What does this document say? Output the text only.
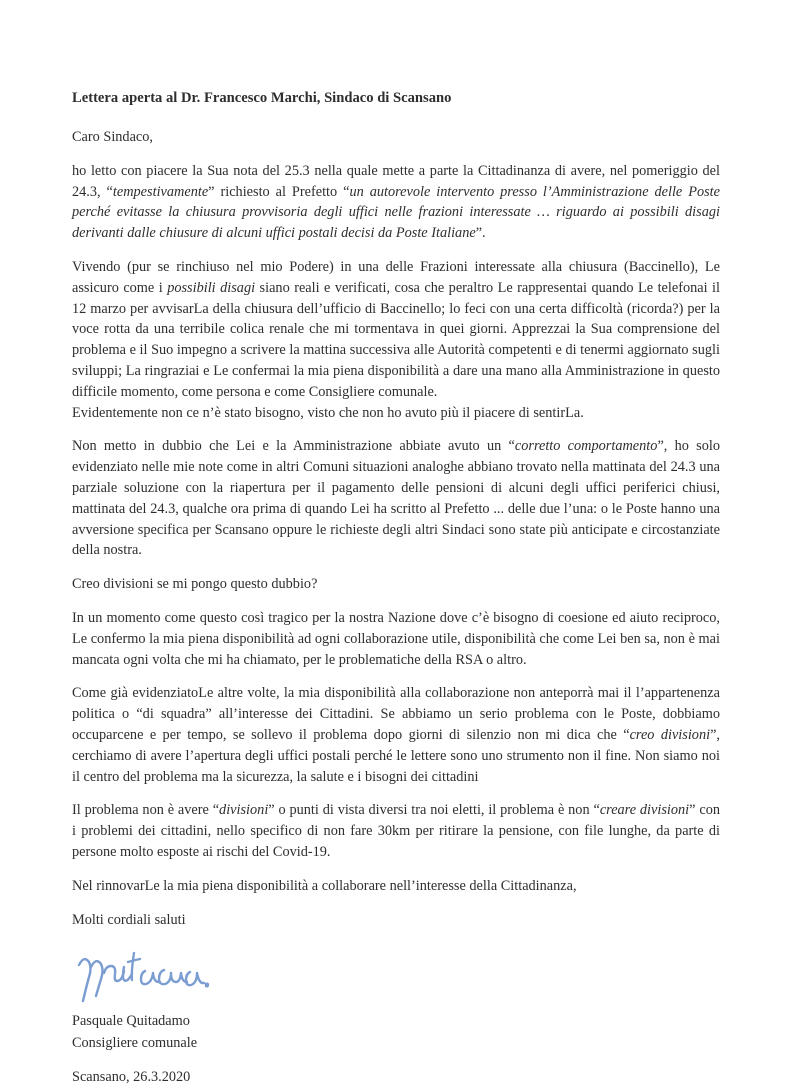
Lettera aperta al Dr. Francesco Marchi, Sindaco di Scansano

Caro Sindaco,

ho letto con piacere la Sua nota del 25.3 nella quale mette a parte la Cittadinanza di avere, nel pomeriggio del 24.3, “tempestivamente” richiesto al Prefetto “un autorevole intervento presso l’Amministrazione delle Poste perché evitasse la chiusura provvisoria degli uffici nelle frazioni interessate … riguardo ai possibili disagi derivanti dalle chiusure di alcuni uffici postali decisi da Poste Italiane”.

Vivendo (pur se rinchiuso nel mio Podere) in una delle Frazioni interessate alla chiusura (Baccinello), Le assicuro come i possibili disagi siano reali e verificati, cosa che peraltro Le rappresentai quando Le telefonai il 12 marzo per avvisarLa della chiusura dell’ufficio di Baccinello; lo feci con una certa difficoltà (ricorda?) per la voce rotta da una terribile colica renale che mi tormentava in quei giorni. Apprezzai la Sua comprensione del problema e il Suo impegno a scrivere la mattina successiva alle Autorità competenti e di tenermi aggiornato sugli sviluppi; La ringraziai e Le confermai la mia piena disponibilità a dare una mano alla Amministrazione in questo difficile momento, come persona e come Consigliere comunale.
Evidentemente non ce n’è stato bisogno, visto che non ho avuto più il piacere di sentirLa.

Non metto in dubbio che Lei e la Amministrazione abbiate avuto un “corretto comportamento”, ho solo evidenziato nelle mie note come in altri Comuni situazioni analoghe abbiano trovato nella mattinata del 24.3 una parziale soluzione con la riapertura per il pagamento delle pensioni di alcuni degli uffici periferici chiusi, mattinata del 24.3, qualche ora prima di quando Lei ha scritto al Prefetto ... delle due l’una: o le Poste hanno una avversione specifica per Scansano oppure le richieste degli altri Sindaci sono state più anticipate e circostanziate della nostra.

Creo divisioni se mi pongo questo dubbio?

In un momento come questo così tragico per la nostra Nazione dove c’è bisogno di coesione ed aiuto reciproco, Le confermo la mia piena disponibilità ad ogni collaborazione utile, disponibilità che come Lei ben sa, non è mai mancata ogni volta che mi ha chiamato, per le problematiche della RSA o altro.

Come già evidenziatoLe altre volte, la mia disponibilità alla collaborazione non anteporrà mai il l’appartenenza politica o “di squadra” all’interesse dei Cittadini. Se abbiamo un serio problema con le Poste, dobbiamo occuparcene e per tempo, se sollevo il problema dopo giorni di silenzio non mi dica che “creo divisioni”, cerchiamo di avere l’apertura degli uffici postali perché le lettere sono uno strumento non il fine. Non siamo noi il centro del problema ma la sicurezza, la salute e i bisogni dei cittadini

Il problema non è avere “divisioni” o punti di vista diversi tra noi eletti, il problema è non “creare divisioni” con i problemi dei cittadini, nello specifico di non fare 30km per ritirare la pensione, con file lunghe, da parte di persone molto esposte ai rischi del Covid-19.

Nel rinnovarLe la mia piena disponibilità a collaborare nell’interesse della Cittadinanza,

Molti cordiali saluti

Pasquale Quitadamo

Consigliere comunale

Scansano, 26.3.2020
